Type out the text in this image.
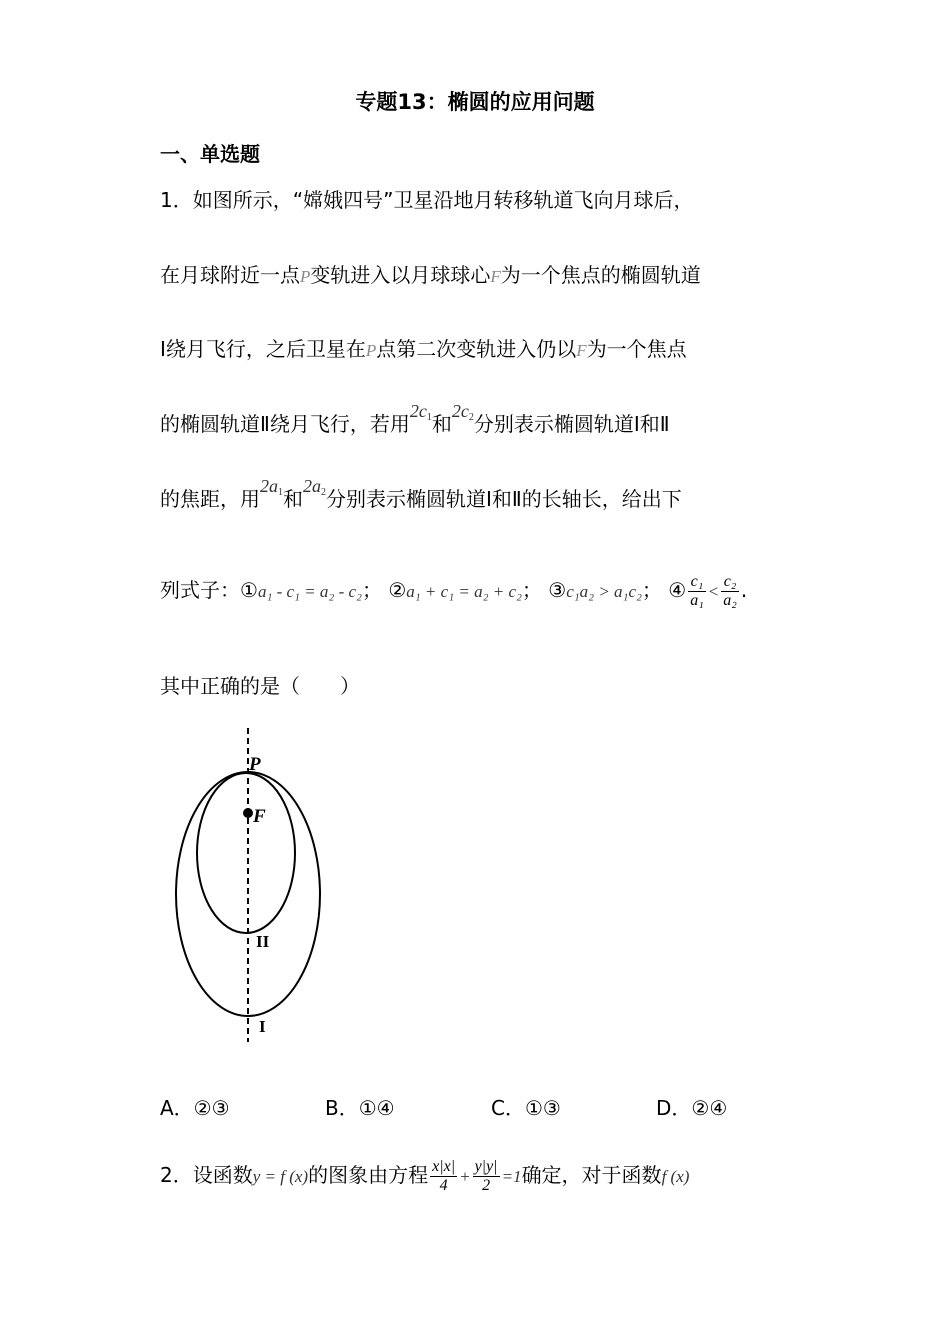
专题13：椭圆的应用问题
一、单选题
1．如图所示，“嫦娥四号”卫星沿地月转移轨道飞向月球后，
在月球附近一点P变轨进入以月球球心F为一个焦点的椭圆轨道
Ⅰ绕月飞行，之后卫星在P点第二次变轨进入仍以F为一个焦点
的椭圆轨道Ⅱ绕月飞行，若用$2c_1$和$2c_2$分别表示椭圆轨道Ⅰ和Ⅱ
的焦距，用$2a_1$和$2a_2$分别表示椭圆轨道Ⅰ和Ⅱ的长轴长，给出下
列式子：①a₁ - c₁ = a₂ - c₂； ②a₁ + c₁ = a₂ + c₂； ③c₁a₂ > a₁c₂； ④ $\frac{\text{c₁}}{\text{a₁}} < \frac{\text{c₂}}{\text{a₂}}$ .
其中正确的是（　　）
P
F
II
I
A．②③	B．①④	C．①③	D．②④
2．设函数y = f (x)的图象由方程 $\frac{x|x|}{4} + \frac{y|y|}{2} =1$确定，对于函数f (x)
